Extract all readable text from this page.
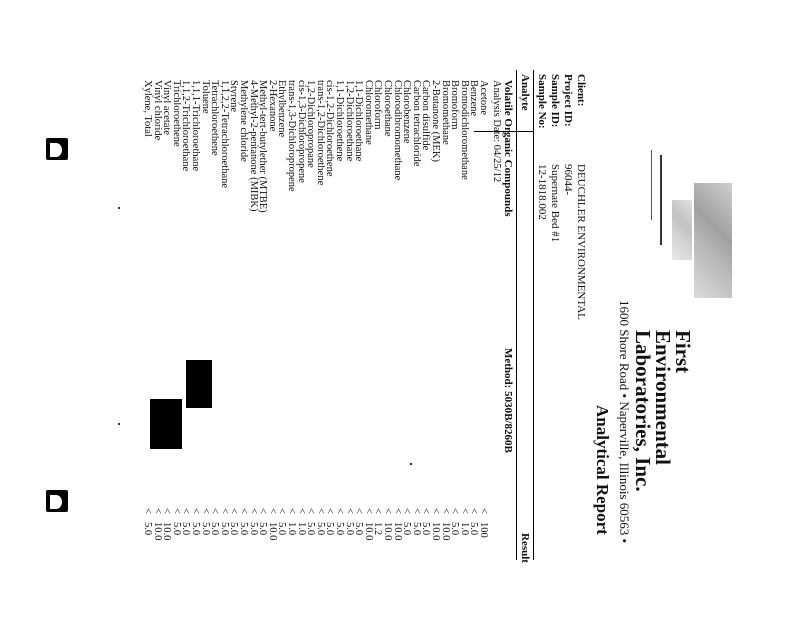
First
Environmental
Laboratories, Inc.
1600 Shore Road • Naperville, Illinois 60563 •
Analytical Report
Client:
DEUCHLER ENVIRONMENTAL
Project ID:
96044-
Sample ID:
Supernate Bed #1
Sample No:
12-1818.002
Analyte
Result
Volatile Organic Compounds
Method: 5030B/8260B
Analysis Date: 04/25/12
Acetone
<
100
Benzene
<
5.0
Bromodichloromethane
<
1.0
Bromoform
<
5.0
Bromomethane
<
10.0
2-Butanone (MEK)
<
10.0
Carbon disulfide
<
5.0
Carbon tetrachloride
<
5.0
Chlorobenzene
<
5.0
Chlorodibromomethane
<
10.0
Chloroethane
<
10.0
Chloroform
<
1.2
Chloromethane
<
10.0
1,1-Dichloroethane
<
5.0
1,2-Dichloroethane
<
5.0
1,1-Dichloroethene
<
5.0
cis-1,2-Dichloroethene
<
5.0
trans-1,2-Dichloroethene
<
5.0
1,2-Dichloropropane
<
5.0
cis-1,3-Dichloropropene
<
1.0
trans-1,3-Dichloropropene
<
1.0
Ethylbenzene
<
5.0
2-Hexanone
<
10.0
Methyl-tert-butylether (MTBE)
<
5.0
4-Methyl-2-pentanone (MIBK)
<
5.0
Methylene chloride
<
5.0
Styrene
<
5.0
1,1,2,2-Tetrachloroethane
<
5.0
Tetrachloroethene
<
5.0
Toluene
<
5.0
1,1,1-Trichloroethane
<
5.0
1,1,2-Trichloroethane
<
5.0
Trichloroethene
<
5.0
Vinyl acetate
<
10.0
Vinyl chloride
<
10.0
Xylene, Total
<
5.0
